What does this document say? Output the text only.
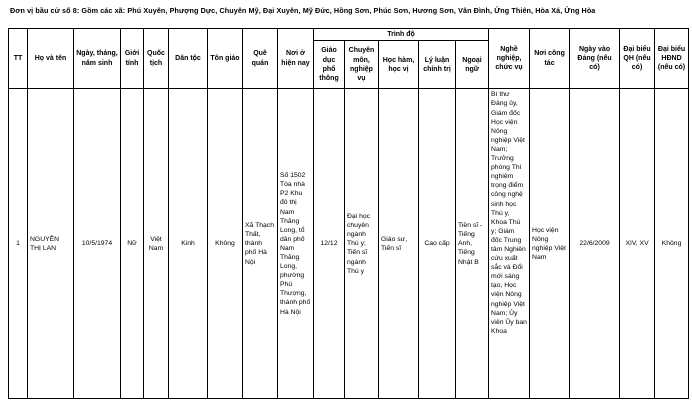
Đơn vị bầu cử số 8: Gồm các xã: Phú Xuyên, Phượng Dực, Chuyên Mỹ, Đại Xuyên, Mỹ Đức, Hồng Sơn, Phúc Sơn, Hương Sơn, Vân Đình, Ứng Thiên, Hòa Xá, Ứng Hòa
TT	Họ và tên	Ngày, tháng, năm sinh	Giới tính	Quốc tịch	Dân tộc	Tôn giáo	Quê quán	Nơi ở hiện nay	Trình độ					Nghề nghiệp, chức vụ	Nơi công tác	Ngày vào Đảng (nếu có)	Đại biểu QH (nếu có)	Đại biểu HĐND (nếu có)
									Giáo dục phổ thông	Chuyên môn, nghiệp vụ	Học hàm, học vị	Lý luận chính trị	Ngoại ngữ					
1	NGUYỄN THỊ LAN	10/5/1974	Nữ	Việt Nam	Kinh	Không	Xã Thạch Thất, thành phố Hà Nội	Số 1502 Tòa nhà P2 Khu đô thị Nam Thăng Long, tổ dân phố Nam Thăng Long, phường Phú Thượng, thành phố Hà Nội	12/12	Đại học chuyên ngành Thú y; Tiến sĩ ngành Thú y	Giáo sư, Tiến sĩ	Cao cấp	Tiền sĩ - Tiếng Anh, Tiếng Nhật B	Bí thư Đảng ủy, Giám đốc Học viện Nông nghiệp Việt Nam; Trưởng phòng Thí nghiệm trọng điểm công nghệ sinh học Thú y, Khoa Thú y; Giám đốc Trung tâm Nghiên cứu xuất sắc và Đổi mới sáng tạo, Học viện Nông nghiệp Việt Nam; Ủy viên Ủy ban Khoa	Học viện Nông nghiệp Việt Nam	22/6/2009	XIV, XV	Không
